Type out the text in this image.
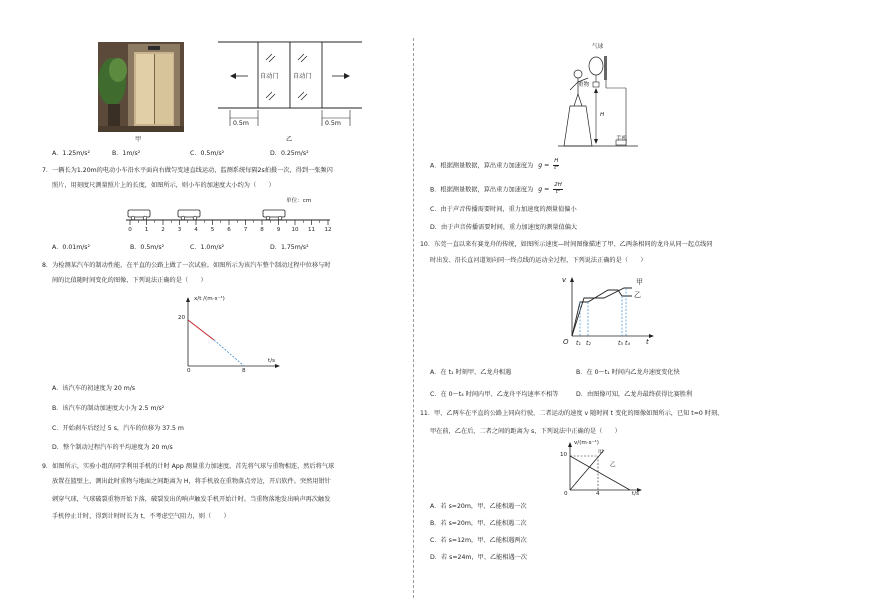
甲
自动门 自动门
0.5m	0.5m
乙
A．1.25m/s²	B．1m/s²	C．0.5m/s²	D．0.25m/s²
7．一辆长为1.20m的电动小车沿水平面向右做匀变速直线运动，监测系统每隔2s拍摄一次，得到一张频闪
照片，用刻度尺测量照片上的长度，如图所示，则小车的加速度大小约为（　　）
单位：cm
0 1 2 3 4 5 6 7 8 9 10 11 12
A．0.01m/s²	B．0.5m/s²	C．1.0m/s²	D．1.75m/s²
8．为检测某汽车的制动性能，在平直的公路上做了一次试验。如图所示为该汽车整个制动过程中位移与时
间的比值随时间变化的图像，下列说法正确的是（　　）
x/t /(m·s⁻¹)
20
0	8
t/s
A．该汽车的初速度为 20 m/s
B．该汽车的制动加速度大小为 2.5 m/s²
C．开始刹车后经过 5 s，汽车的位移为 37.5 m
D．整个制动过程汽车的平均速度为 20 m/s
9．如图所示，实验小组的同学利用手机的计时 App 测量重力加速度。首先将气球与重物相连，然后将气球
放置在篮壁上，测出此时重物与地面之间距离为 H，将手机放在重物落点旁边，开启软件。突然用钳针
刺穿气球，气球破裂重物开始下落，破裂发出的响声触发手机开始计时。当重物落地发出响声再次触发
手机停止计时，得到计时时长为 t，不考虑空气阻力，则（　　）
气球
重物
H
手机
A．根据测量数据，算出重力加速度为 $g = \frac{H}{\text{t²}}$
B．根据测量数据，算出重力加速度为 $g = \frac{2H}{\text{t²}}$
C．由于声音传播需要时间，重力加速度的测量值偏小
D．由于声音传播需要时间，重力加速度的测量值偏大
10．东莞一直以来有赛龙舟的传统，如图所示速度—时间图像描述了甲、乙两条相同的龙舟从同一起点线同
时出发、沿长直河道划向同一终点线的运动全过程，下列说法正确的是（　　）
v	甲
乙
O t₁ t₂	t₃ t₄ t
A．在 t₁ 时刻甲、乙龙舟相遇	B．在 0～t₁ 时间内乙龙舟速度变化快
C．在 0～t₄ 时间内甲、乙龙舟平均速率不相等	D．由图像可知，乙龙舟最终获得比赛胜利
11．甲、乙两车在平直的公路上同向行驶，二者运动的速度 v 随时间 t 变化的图像如图所示，已知 t=0 时刻，
甲在前，乙在后，二者之间的距离为 s，下列说法中正确的是（　　）
v/(m·s⁻¹)
10
0	4	t/s
甲
乙
A．若 s=20m，甲、乙能相遇一次
B．若 s=20m，甲、乙能相遇二次
C．若 s=12m，甲、乙能相遇两次
D．若 s=24m，甲、乙能相遇一次
